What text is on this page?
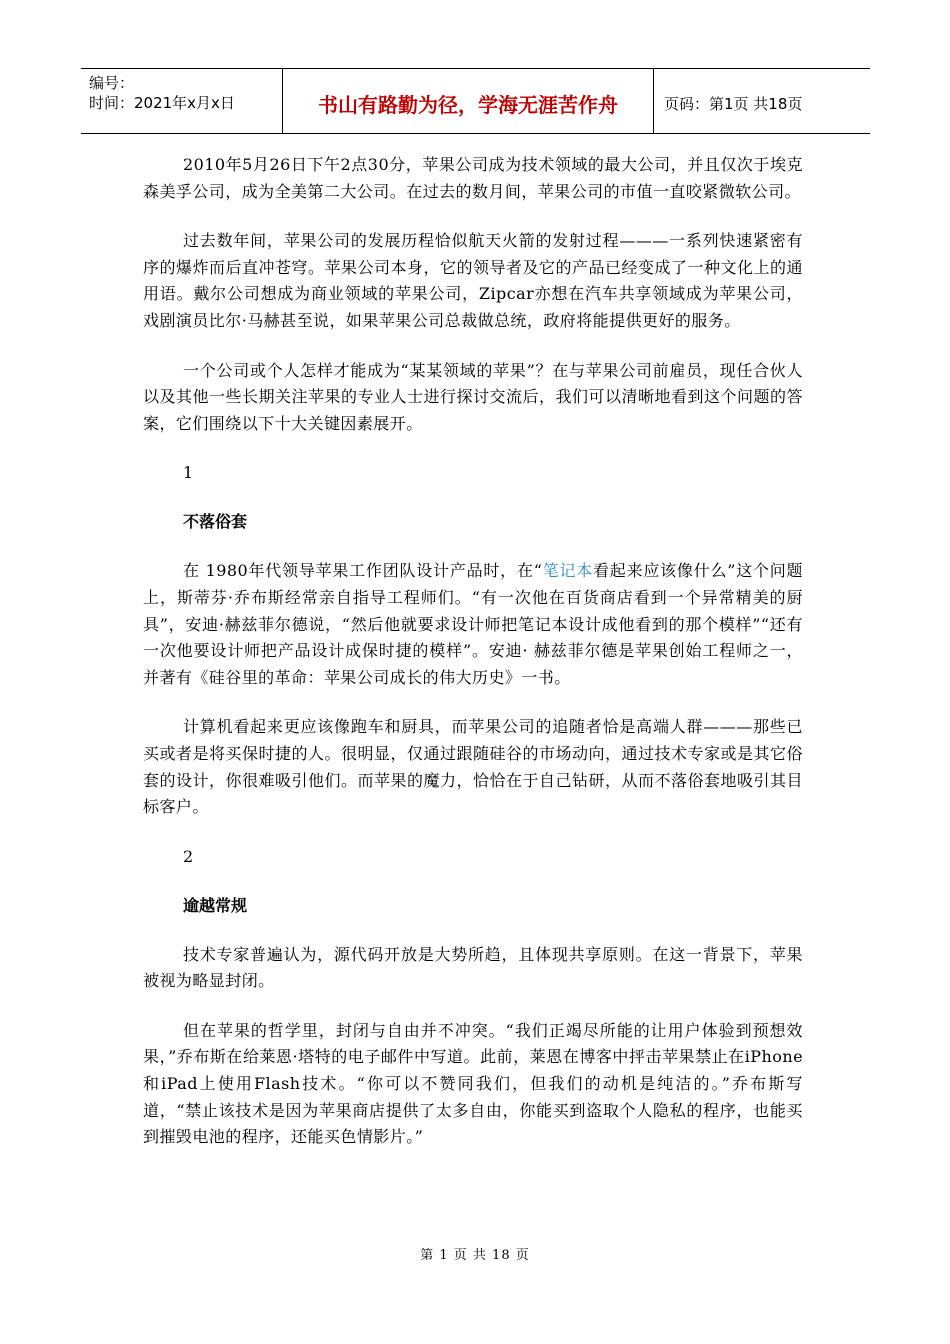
编号：
时间：2021年x月x日	书山有路勤为径，学海无涯苦作舟	页码：第1页 共18页

2010年5月26日下午2点30分，苹果公司成为技术领域的最大公司，并且仅次于埃克森美孚公司，成为全美第二大公司。在过去的数月间，苹果公司的市值一直咬紧微软公司。

过去数年间，苹果公司的发展历程恰似航天火箭的发射过程———一系列快速紧密有序的爆炸而后直冲苍穹。苹果公司本身，它的领导者及它的产品已经变成了一种文化上的通用语。戴尔公司想成为商业领域的苹果公司，Zipcar亦想在汽车共享领域成为苹果公司，戏剧演员比尔·马赫甚至说，如果苹果公司总裁做总统，政府将能提供更好的服务。

一个公司或个人怎样才能成为“某某领域的苹果”？在与苹果公司前雇员，现任合伙人以及其他一些长期关注苹果的专业人士进行探讨交流后，我们可以清晰地看到这个问题的答案，它们围绕以下十大关键因素展开。

1
不落俗套

在 1980年代领导苹果工作团队设计产品时，在“笔记本看起来应该像什么”这个问题上，斯蒂芬·乔布斯经常亲自指导工程师们。“有一次他在百货商店看到一个异常精美的厨具”，安迪·赫兹菲尔德说，“然后他就要求设计师把笔记本设计成他看到的那个模样”“还有一次他要设计师把产品设计成保时捷的模样”。安迪· 赫兹菲尔德是苹果创始工程师之一，并著有《硅谷里的革命：苹果公司成长的伟大历史》一书。

计算机看起来更应该像跑车和厨具，而苹果公司的追随者恰是高端人群———那些已买或者是将买保时捷的人。很明显，仅通过跟随硅谷的市场动向，通过技术专家或是其它俗套的设计，你很难吸引他们。而苹果的魔力，恰恰在于自己钻研，从而不落俗套地吸引其目标客户。

2
逾越常规

技术专家普遍认为，源代码开放是大势所趋，且体现共享原则。在这一背景下，苹果被视为略显封闭。

但在苹果的哲学里，封闭与自由并不冲突。“我们正竭尽所能的让用户体验到预想效果，”乔布斯在给莱恩·塔特的电子邮件中写道。此前，莱恩在博客中抨击苹果禁止在iPhone和iPad上使用Flash技术。“你可以不赞同我们，但我们的动机是纯洁的。”乔布斯写道，“禁止该技术是因为苹果商店提供了太多自由，你能买到盗取个人隐私的程序，也能买到摧毁电池的程序，还能买色情影片。”

第 1 页 共 18 页
